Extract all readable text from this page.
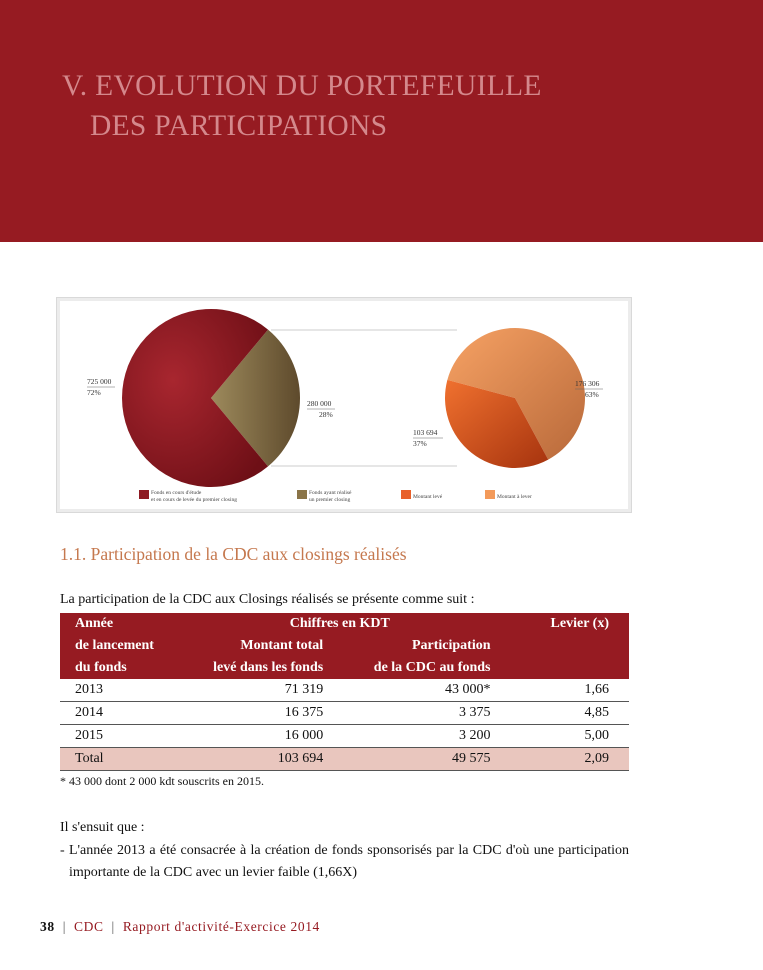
V. EVOLUTION DU PORTEFEUILLE
DES PARTICIPATIONS
725 000
72%
280 000
28%
103 694
37%
176 306
63%
Fonds en cours d'étude
et en cours de levée du premier closing
Fonds ayant réalisé
un premier closing	Montant levé	Montant à lever
1.1. Participation de la CDC aux closings réalisés
La participation de la CDC aux Closings réalisés se présente comme suit :
Année	Chiffres en KDT		Levier (x)
de lancement	Montant total	Participation	
du fonds	levé dans les fonds	de la CDC au fonds	
2013	71 319	43 000*	1,66
2014	16 375	3 375	4,85
2015	16 000	3 200	5,00
Total	103 694	49 575	2,09
* 43 000 dont 2 000 kdt souscrits en 2015.
Il s'ensuit que :

- L'année 2013 a été consacrée à la création de fonds sponsorisés par la CDC d'où une participation importante de la CDC avec un levier faible (1,66X)

38 | CDC | Rapport d'activité-Exercice 2014
